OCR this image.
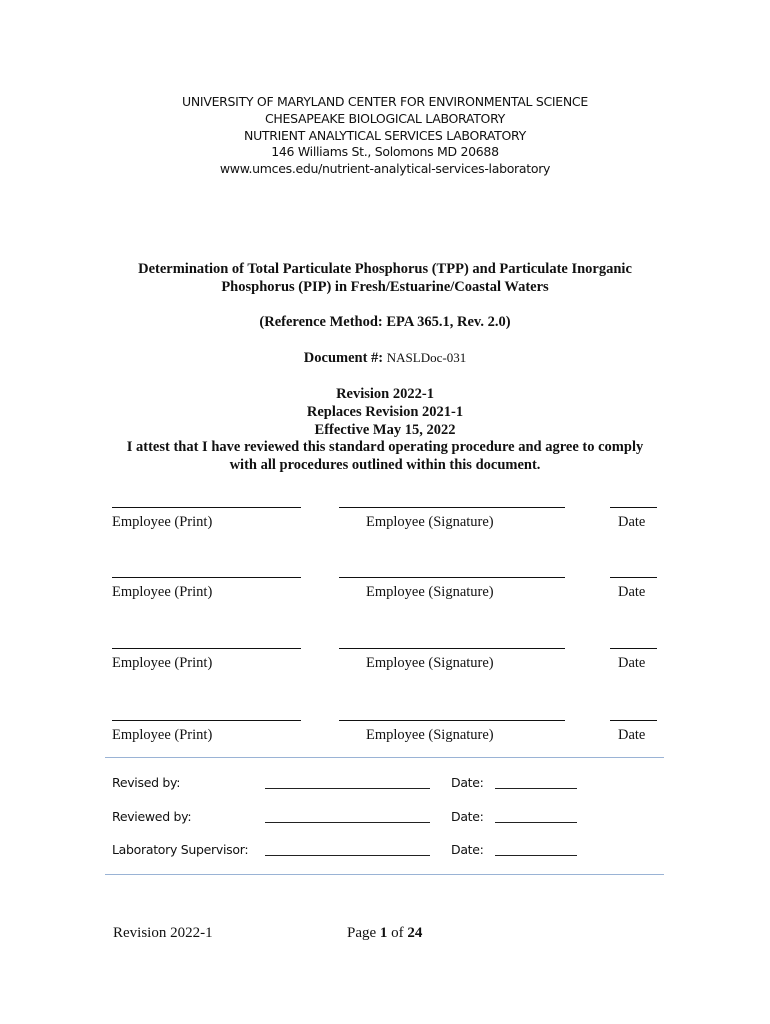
UNIVERSITY OF MARYLAND CENTER FOR ENVIRONMENTAL SCIENCE
CHESAPEAKE BIOLOGICAL LABORATORY
NUTRIENT ANALYTICAL SERVICES LABORATORY
146 Williams St., Solomons MD 20688
www.umces.edu/nutrient-analytical-services-laboratory
Determination of Total Particulate Phosphorus (TPP) and Particulate Inorganic
Phosphorus (PIP) in Fresh/Estuarine/Coastal Waters
(Reference Method: EPA 365.1, Rev. 2.0)
Document #: NASLDoc-031
Revision 2022-1
Replaces Revision 2021-1
Effective May 15, 2022
I attest that I have reviewed this standard operating procedure and agree to comply
with all procedures outlined within this document.
Employee (Print)	Employee (Signature)	Date
Employee (Print)	Employee (Signature)	Date
Employee (Print)	Employee (Signature)	Date
Employee (Print)	Employee (Signature)	Date
Revised by:	Date:
Reviewed by:	Date:
Laboratory Supervisor:	Date:
Revision 2022-1	Page 1 of 24
